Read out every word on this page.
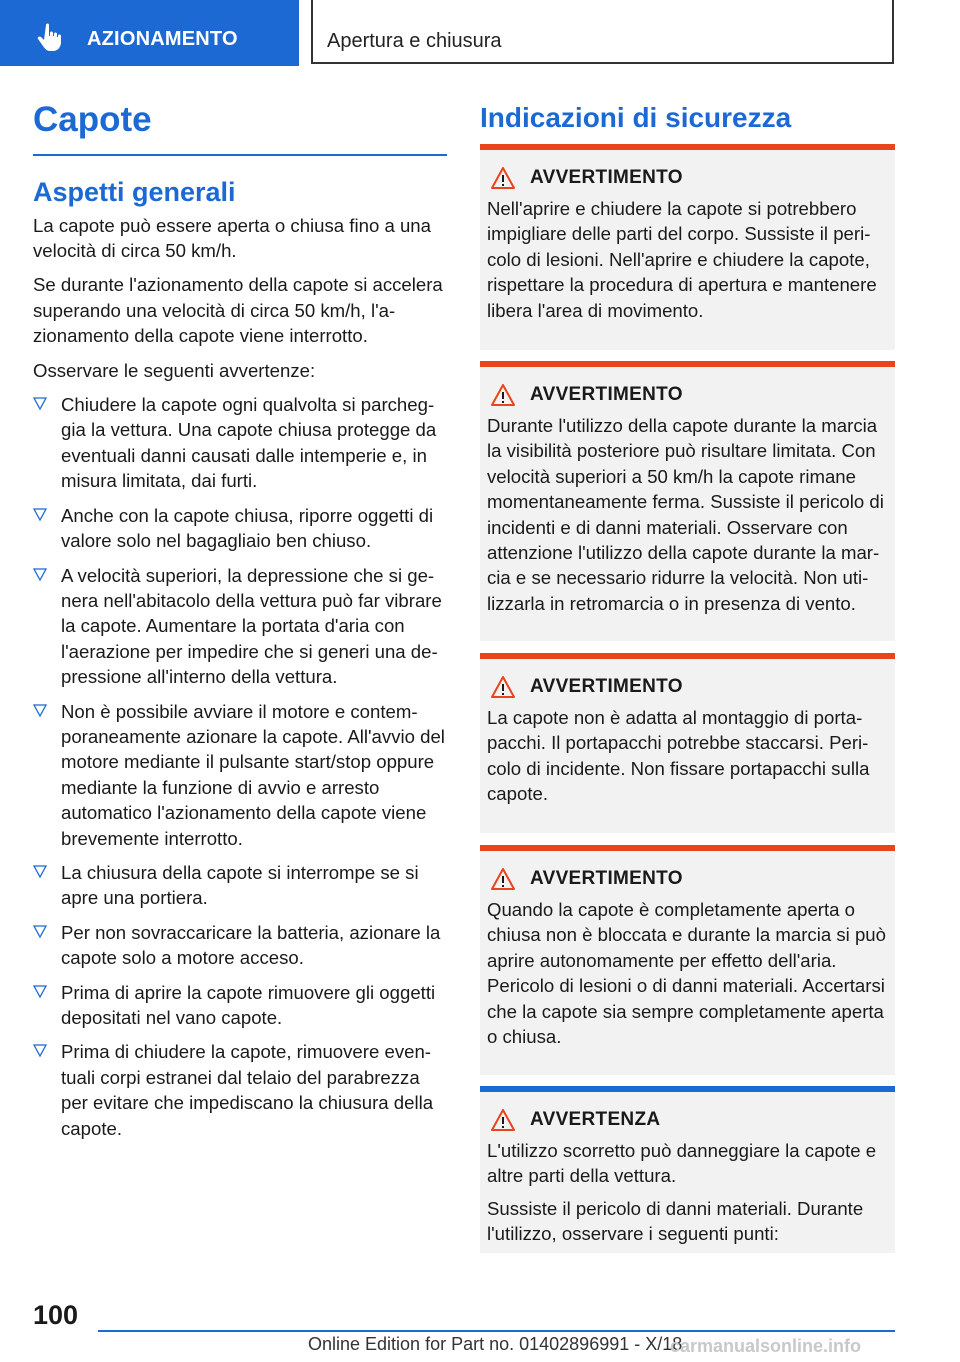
AZIONAMENTO	Apertura e chiusura
Capote
Aspetti generali

La capote può essere aperta o chiusa fino a una velocità di circa 50 km/h.

Se durante l'azionamento della capote si accelera superando una velocità di circa 50 km/h, l'azionamento della capote viene interrotto.

Osservare le seguenti avvertenze:

Chiudere la capote ogni qualvolta si parcheggia la vettura. Una capote chiusa protegge da eventuali danni causati dalle intemperie e, in misura limitata, dai furti.
Anche con la capote chiusa, riporre oggetti di valore solo nel bagagliaio ben chiuso.
A velocità superiori, la depressione che si genera nell'abitacolo della vettura può far vibrare la capote. Aumentare la portata d'aria con l'aerazione per impedire che si generi una depressione all'interno della vettura.
Non è possibile avviare il motore e contemporaneamente azionare la capote. All'avvio del motore mediante il pulsante start/stop oppure mediante la funzione di avvio e arresto automatico l'azionamento della capote viene brevemente interrotto.
La chiusura della capote si interrompe se si apre una portiera.
Per non sovraccaricare la batteria, azionare la capote solo a motore acceso.
Prima di aprire la capote rimuovere gli oggetti depositati nel vano capote.
Prima di chiudere la capote, rimuovere eventuali corpi estranei dal telaio del parabrezza per evitare che impediscano la chiusura della capote.
Indicazioni di sicurezza
AVVERTIMENTO

Nell'aprire e chiudere la capote si potrebbero impigliare delle parti del corpo. Sussiste il pericolo di lesioni. Nell'aprire e chiudere la capote, rispettare la procedura di apertura e mantenere libera l'area di movimento.

AVVERTIMENTO

Durante l'utilizzo della capote durante la marcia la visibilità posteriore può risultare limitata. Con velocità superiori a 50 km/h la capote rimane momentaneamente ferma. Sussiste il pericolo di incidenti e di danni materiali. Osservare con attenzione l'utilizzo della capote durante la marcia e se necessario ridurre la velocità. Non utilizzarla in retromarcia o in presenza di vento.

AVVERTIMENTO

La capote non è adatta al montaggio di portapacchi. Il portapacchi potrebbe staccarsi. Pericolo di incidente. Non fissare portapacchi sulla capote.

AVVERTIMENTO

Quando la capote è completamente aperta o chiusa non è bloccata e durante la marcia si può aprire autonomamente per effetto dell'aria. Pericolo di lesioni o di danni materiali. Accertarsi che la capote sia sempre completamente aperta o chiusa.

AVVERTENZA

L'utilizzo scorretto può danneggiare la capote e altre parti della vettura.

Sussiste il pericolo di danni materiali. Durante l'utilizzo, osservare i seguenti punti:

100
Online Edition for Part no. 01402896991 - X/18
carmanualsonline.info
